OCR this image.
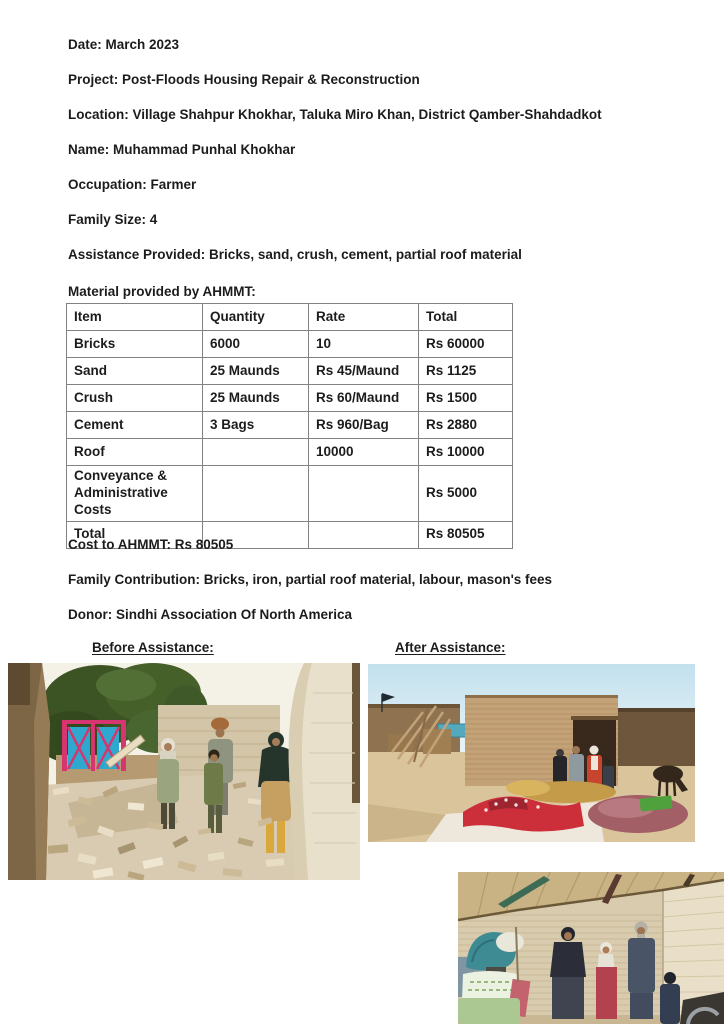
Date: March 2023

Project: Post-Floods Housing Repair & Reconstruction

Location: Village Shahpur Khokhar, Taluka Miro Khan, District Qamber-Shahdadkot

Name: Muhammad Punhal Khokhar

Occupation: Farmer

Family Size: 4

Assistance Provided: Bricks, sand, crush, cement, partial roof material

Material provided by AHMMT:

Item	Quantity	Rate	Total
Bricks	6000	10	Rs 60000
Sand	25 Maunds	Rs 45/Maund	Rs 1125
Crush	25 Maunds	Rs 60/Maund	Rs 1500
Cement	3 Bags	Rs 960/Bag	Rs 2880
Roof		10000	Rs 10000
Conveyance & Administrative Costs			Rs 5000
Total			Rs 80505

Cost to AHMMT: Rs 80505

Family Contribution: Bricks, iron, partial roof material, labour, mason's fees

Donor: Sindhi Association Of North America

Before Assistance:	After Assistance:
